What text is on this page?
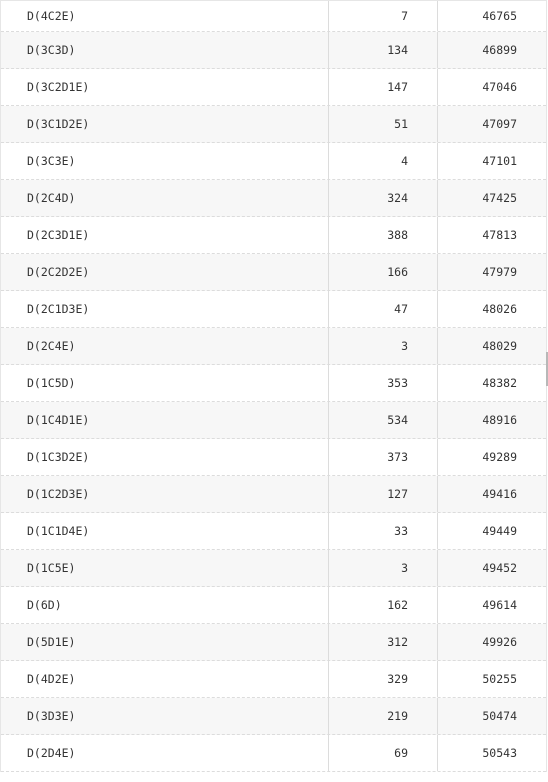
D(4C2E)	7	46765
D(3C3D)	134	46899
D(3C2D1E)	147	47046
D(3C1D2E)	51	47097
D(3C3E)	4	47101
D(2C4D)	324	47425
D(2C3D1E)	388	47813
D(2C2D2E)	166	47979
D(2C1D3E)	47	48026
D(2C4E)	3	48029
D(1C5D)	353	48382
D(1C4D1E)	534	48916
D(1C3D2E)	373	49289
D(1C2D3E)	127	49416
D(1C1D4E)	33	49449
D(1C5E)	3	49452
D(6D)	162	49614
D(5D1E)	312	49926
D(4D2E)	329	50255
D(3D3E)	219	50474
D(2D4E)	69	50543
